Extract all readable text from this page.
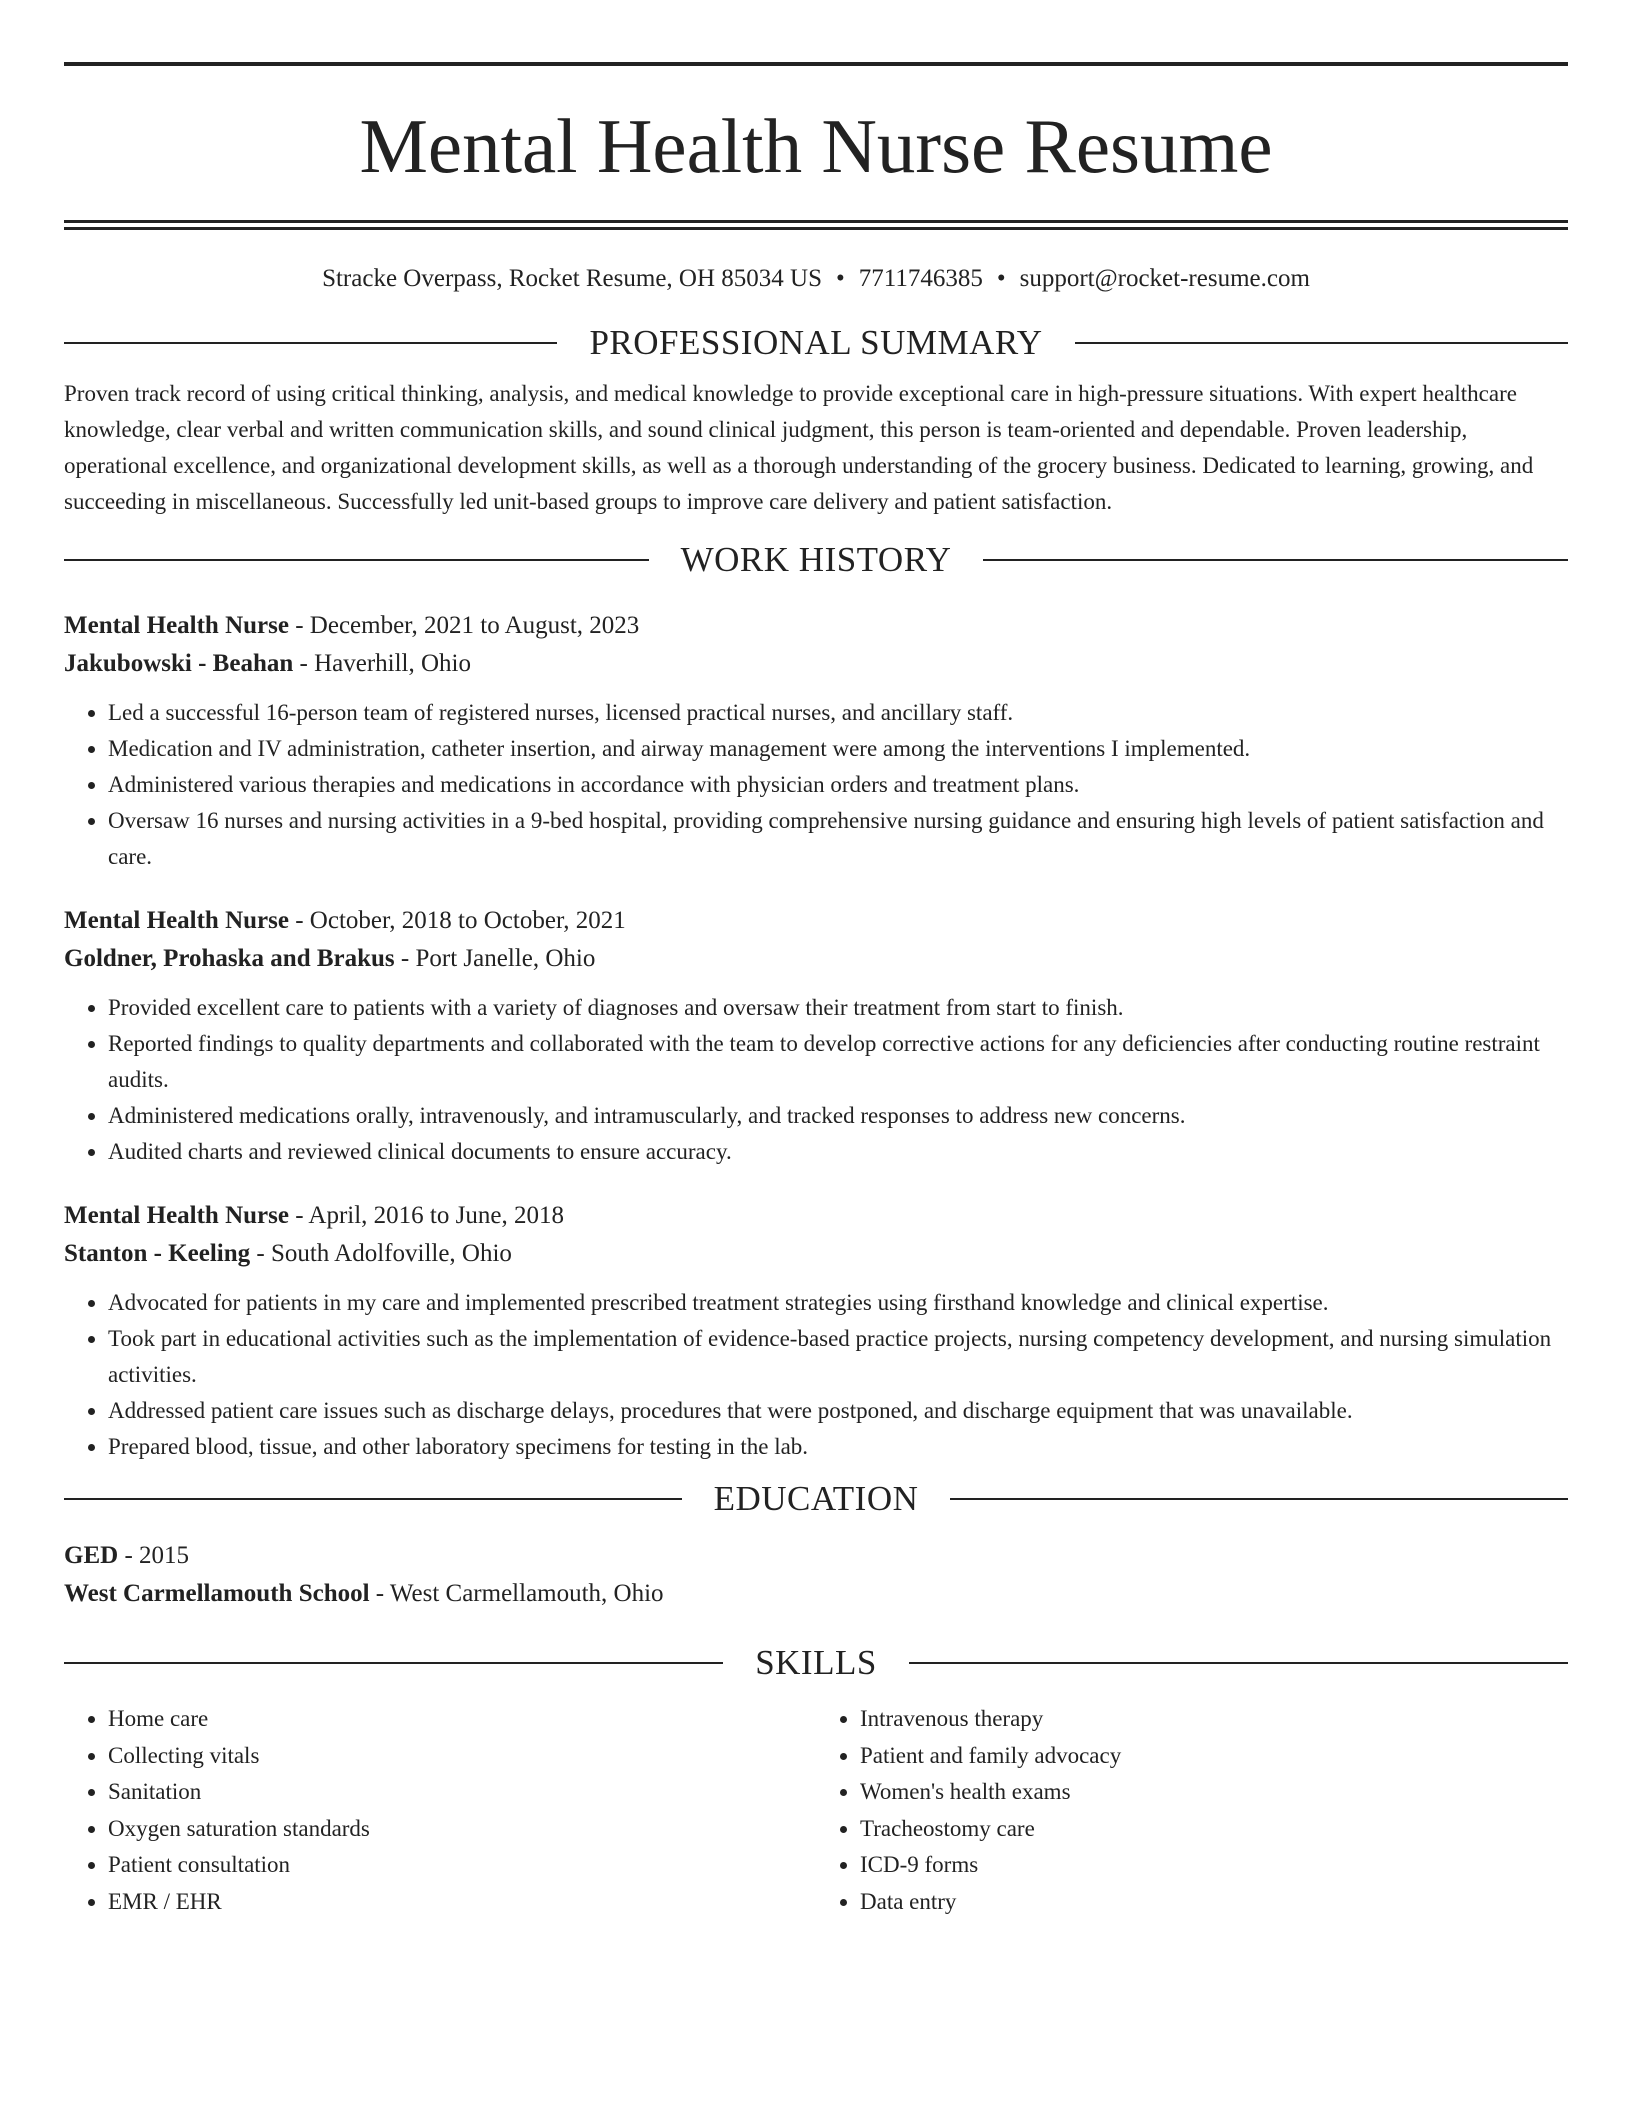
Mental Health Nurse Resume
Stracke Overpass, Rocket Resume, OH 85034 US • 7711746385 • support@rocket-resume.com
PROFESSIONAL SUMMARY

Proven track record of using critical thinking, analysis, and medical knowledge to provide exceptional care in high-pressure situations. With expert healthcare knowledge, clear verbal and written communication skills, and sound clinical judgment, this person is team-oriented and dependable. Proven leadership, operational excellence, and organizational development skills, as well as a thorough understanding of the grocery business. Dedicated to learning, growing, and succeeding in miscellaneous. Successfully led unit-based groups to improve care delivery and patient satisfaction.

WORK HISTORY
Mental Health Nurse - December, 2021 to August, 2023
Jakubowski - Beahan - Haverhill, Ohio
• Led a successful 16-person team of registered nurses, licensed practical nurses, and ancillary staff.
• Medication and IV administration, catheter insertion, and airway management were among the interventions I implemented.
• Administered various therapies and medications in accordance with physician orders and treatment plans.
• Oversaw 16 nurses and nursing activities in a 9-bed hospital, providing comprehensive nursing guidance and ensuring high levels of patient satisfaction and care.
Mental Health Nurse - October, 2018 to October, 2021
Goldner, Prohaska and Brakus - Port Janelle, Ohio
• Provided excellent care to patients with a variety of diagnoses and oversaw their treatment from start to finish.
• Reported findings to quality departments and collaborated with the team to develop corrective actions for any deficiencies after conducting routine restraint audits.
• Administered medications orally, intravenously, and intramuscularly, and tracked responses to address new concerns.
• Audited charts and reviewed clinical documents to ensure accuracy.
Mental Health Nurse - April, 2016 to June, 2018
Stanton - Keeling - South Adolfoville, Ohio
• Advocated for patients in my care and implemented prescribed treatment strategies using firsthand knowledge and clinical expertise.
• Took part in educational activities such as the implementation of evidence-based practice projects, nursing competency development, and nursing simulation activities.
• Addressed patient care issues such as discharge delays, procedures that were postponed, and discharge equipment that was unavailable.
• Prepared blood, tissue, and other laboratory specimens for testing in the lab.
EDUCATION
GED - 2015
West Carmellamouth School - West Carmellamouth, Ohio
SKILLS
• Home care
• Collecting vitals
• Sanitation
• Oxygen saturation standards
• Patient consultation
• EMR / EHR
• Intravenous therapy
• Patient and family advocacy
• Women's health exams
• Tracheostomy care
• ICD-9 forms
• Data entry
